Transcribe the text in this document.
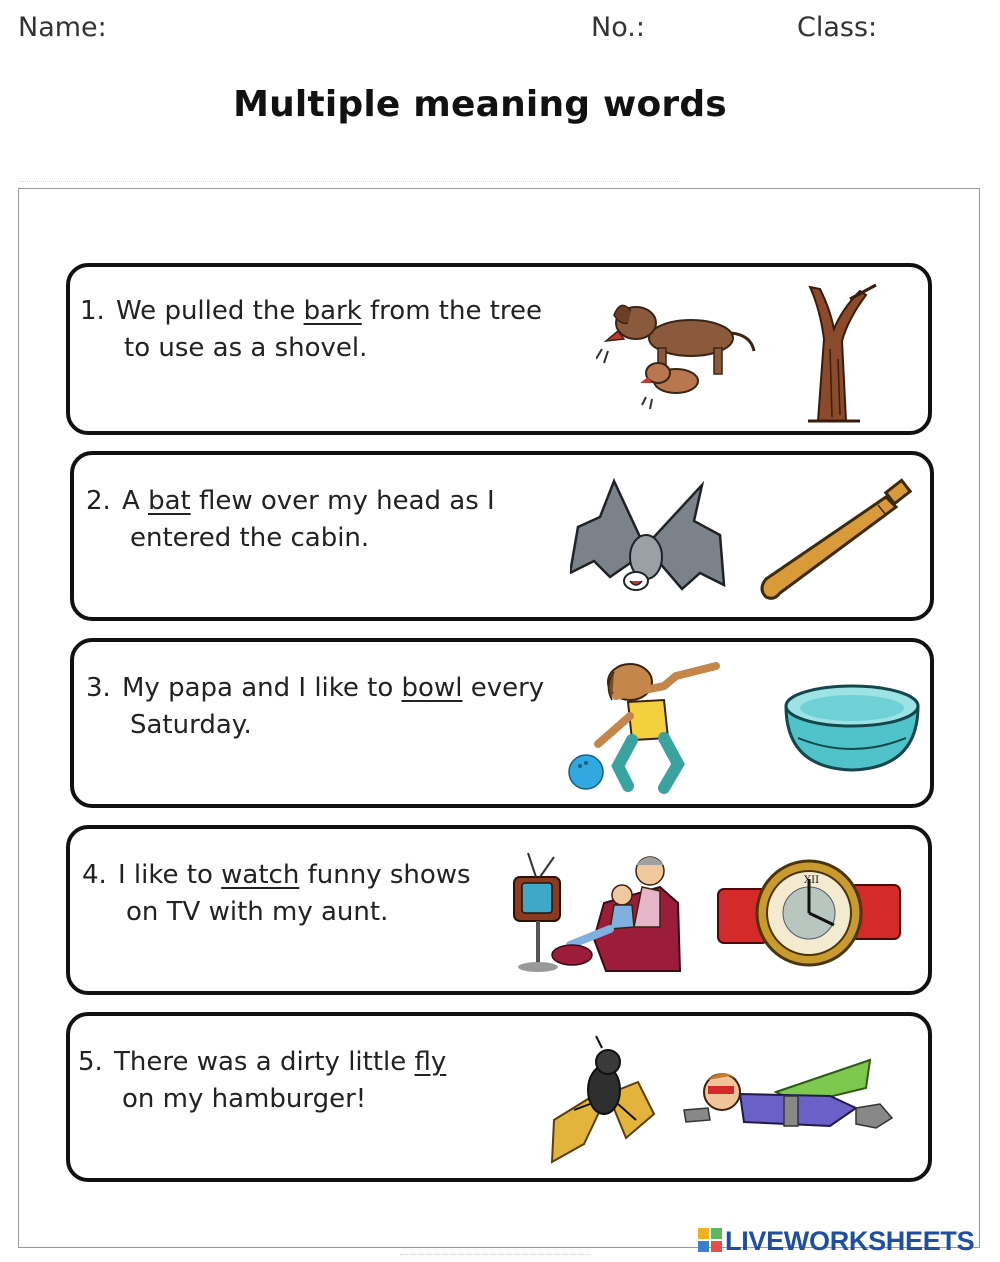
Name:	No.:	Class:
Multiple meaning words
1. We pulled the bark from the tree
to use as a shovel.
2. A bat flew over my head as I
entered the cabin.
3. My papa and I like to bowl every
Saturday.
4. I like to watch funny shows
on TV with my aunt.
XII
5. There was a dirty little fly
on my hamburger!
LIVEWORKSHEETS
